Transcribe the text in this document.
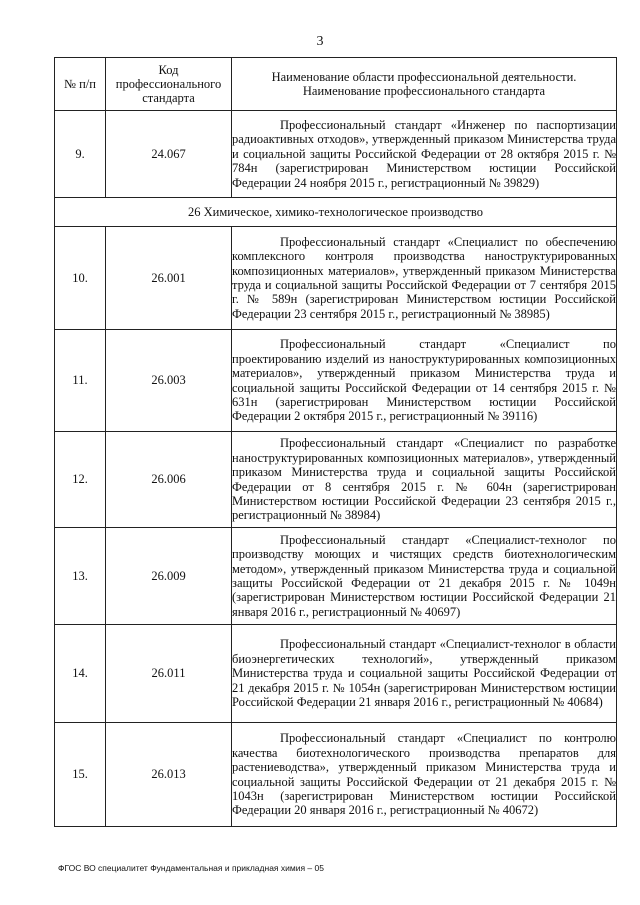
3
№ п/п	Код профессионального стандарта	Наименование области профессиональной деятельности.
Наименование профессионального стандарта

9.	24.067	Профессиональный стандарт «Инженер по паспортизации радиоактивных отходов», утвержденный приказом Министерства труда и социальной защиты Российской Федерации от 28 октября 2015 г. № 784н (зарегистрирован Министерством юстиции Российской Федерации 24 ноября 2015 г., регистрационный № 39829)

26 Химическое, химико-технологическое производство		
10.	26.001	Профессиональный стандарт «Специалист по обеспечению комплексного контроля производства наноструктурированных композиционных материалов», утвержденный приказом Министерства труда и социальной защиты Российской Федерации от 7 сентября 2015 г. № 589н (зарегистрирован Министерством юстиции Российской Федерации 23 сентября 2015 г., регистрационный № 38985)

11.	26.003	Профессиональный стандарт «Специалист по проектированию изделий из наноструктурированных композиционных материалов», утвержденный приказом Министерства труда и социальной защиты Российской Федерации от 14 сентября 2015 г. № 631н (зарегистрирован Министерством юстиции Российской Федерации 2 октября 2015 г., регистрационный № 39116)

12.	26.006	Профессиональный стандарт «Специалист по разработке наноструктурированных композиционных материалов», утвержденный приказом Министерства труда и социальной защиты Российской Федерации от 8 сентября 2015 г. № 604н (зарегистрирован Министерством юстиции Российской Федерации 23 сентября 2015 г., регистрационный № 38984)

13.	26.009	Профессиональный стандарт «Специалист-технолог по производству моющих и чистящих средств биотехнологическим методом», утвержденный приказом Министерства труда и социальной защиты Российской Федерации от 21 декабря 2015 г. № 1049н (зарегистрирован Министерством юстиции Российской Федерации 21 января 2016 г., регистрационный № 40697)

14.	26.011	Профессиональный стандарт «Специалист-технолог в области биоэнергетических технологий», утвержденный приказом Министерства труда и социальной защиты Российской Федерации от 21 декабря 2015 г. № 1054н (зарегистрирован Министерством юстиции Российской Федерации 21 января 2016 г., регистрационный № 40684)

15.	26.013	Профессиональный стандарт «Специалист по контролю качества биотехнологического производства препаратов для растениеводства», утвержденный приказом Министерства труда и социальной защиты Российской Федерации от 21 декабря 2015 г. № 1043н (зарегистрирован Министерством юстиции Российской Федерации 20 января 2016 г., регистрационный № 40672)
ФГОС ВО специалитет Фундаментальная и прикладная химия – 05
